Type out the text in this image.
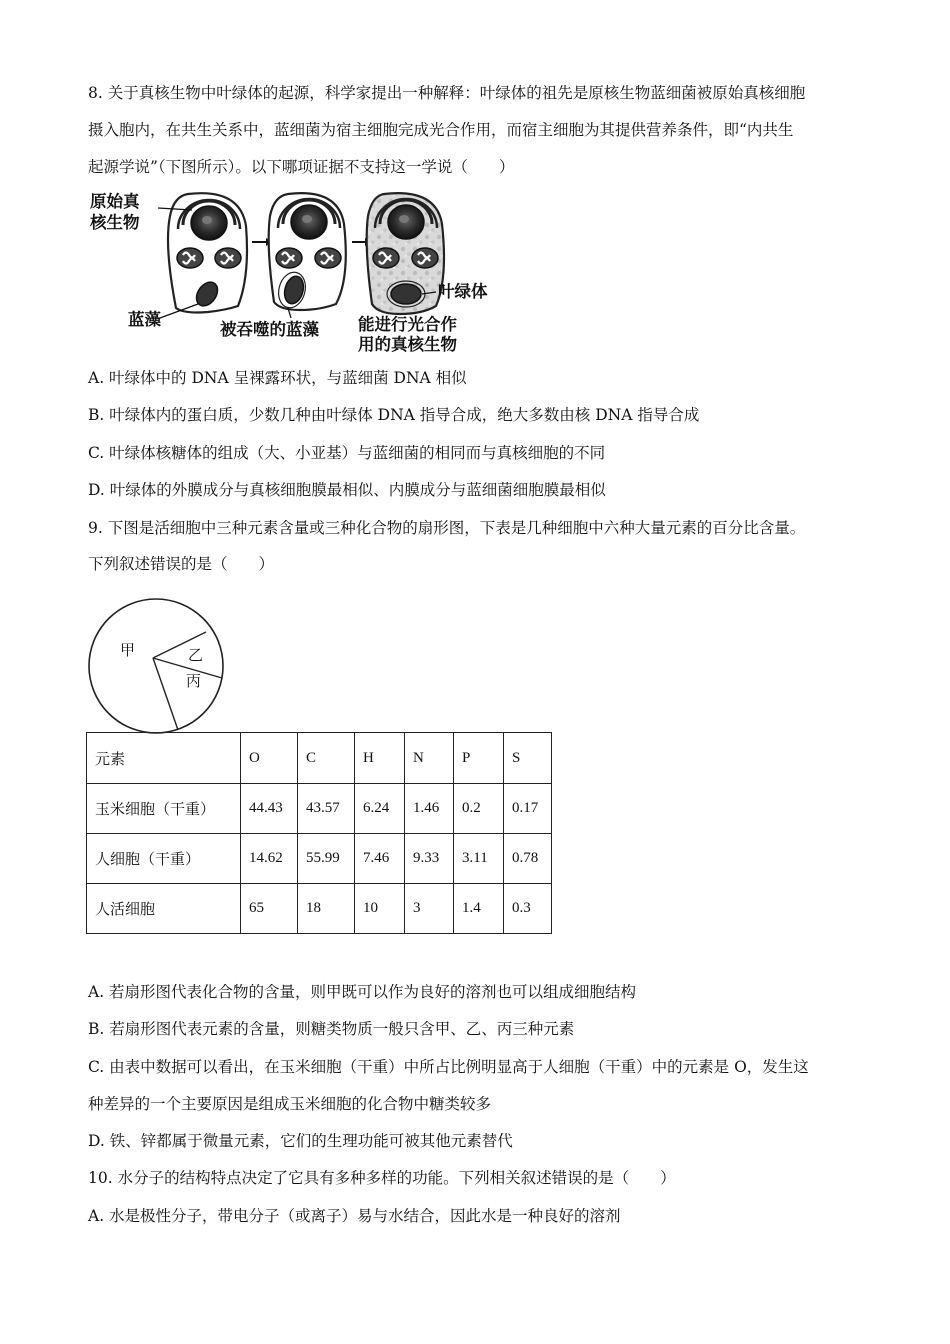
8. 关于真核生物中叶绿体的起源，科学家提出一种解释：叶绿体的祖先是原核生物蓝细菌被原始真核细胞
摄入胞内，在共生关系中，蓝细菌为宿主细胞完成光合作用，而宿主细胞为其提供营养条件，即“内共生
起源学说”（下图所示）。以下哪项证据不支持这一学说（　　）
原始真
核生物
蓝藻
被吞噬的蓝藻
叶绿体
能进行光合作
用的真核生物
A. 叶绿体中的 DNA 呈裸露环状，与蓝细菌 DNA 相似
B. 叶绿体内的蛋白质，少数几种由叶绿体 DNA 指导合成，绝大多数由核 DNA 指导合成
C. 叶绿体核糖体的组成（大、小亚基）与蓝细菌的相同而与真核细胞的不同
D. 叶绿体的外膜成分与真核细胞膜最相似、内膜成分与蓝细菌细胞膜最相似
9. 下图是活细胞中三种元素含量或三种化合物的扇形图，下表是几种细胞中六种大量元素的百分比含量。
下列叙述错误的是（　　）
甲	乙
丙
元素	O	C	H	N	P	S
玉米细胞（干重）	44.43	43.57	6.24	1.46	0.2	0.17
人细胞（干重）	14.62	55.99	7.46	9.33	3.11	0.78
人活细胞	65	18	10	3	1.4	0.3
A. 若扇形图代表化合物的含量，则甲既可以作为良好的溶剂也可以组成细胞结构
B. 若扇形图代表元素的含量，则糖类物质一般只含甲、乙、丙三种元素
C. 由表中数据可以看出，在玉米细胞（干重）中所占比例明显高于人细胞（干重）中的元素是 O，发生这
种差异的一个主要原因是组成玉米细胞的化合物中糖类较多
D. 铁、锌都属于微量元素，它们的生理功能可被其他元素替代
10. 水分子的结构特点决定了它具有多种多样的功能。下列相关叙述错误的是（　　）
A. 水是极性分子，带电分子（或离子）易与水结合，因此水是一种良好的溶剂
